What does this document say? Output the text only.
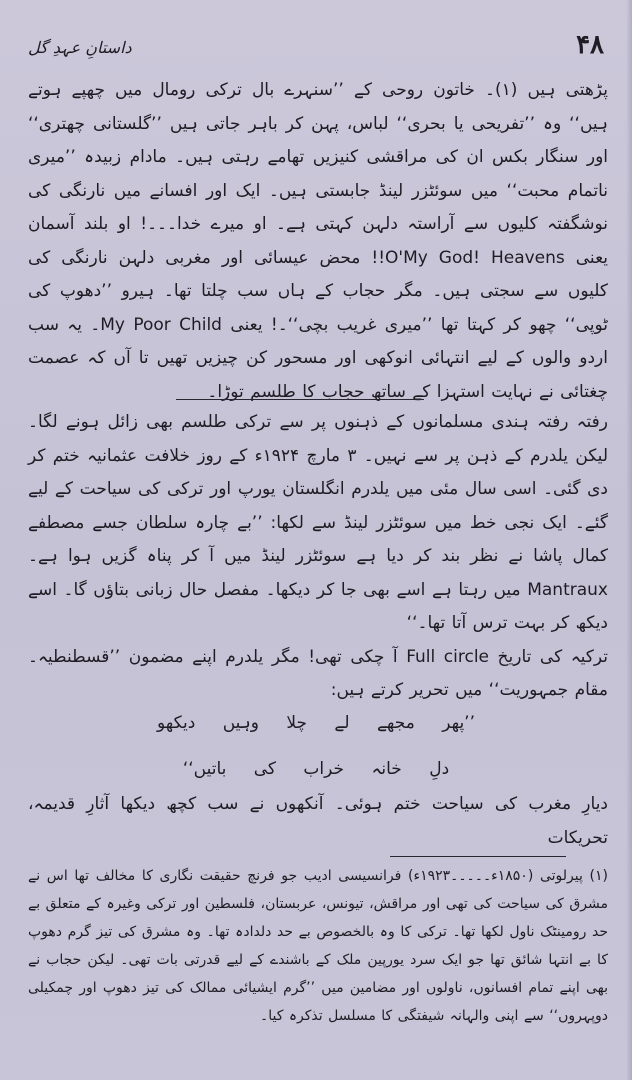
داستانِ عہدِ گل	۴۸

پڑھتی ہیں (۱)۔ خاتون روحی کے ’’سنہرے بال ترکی رومال میں چھپے ہوتے ہیں‘‘ وہ ’’تفریحی یا بحری‘‘ لباس، پہن کر باہر جاتی ہیں ’’گلستانی چھتری‘‘ اور سنگار بکس ان کی مراقشی کنیزیں تھامے رہتی ہیں۔ مادام زبیدہ ’’میری ناتمام محبت‘‘ میں سوئٹزر لینڈ جابستی ہیں۔ ایک اور افسانے میں نارنگی کی نوشگفتہ کلیوں سے آراستہ دلہن کہتی ہے۔ او میرے خدا۔۔۔! او بلند آسمان یعنی O'My God! Heavens!! محض عیسائی اور مغربی دلہن نارنگی کی کلیوں سے سجتی ہیں۔ مگر حجاب کے ہاں سب چلتا تھا۔ ہیرو ’’دھوپ کی ٹوپی‘‘ چھو کر کہتا تھا ’’میری غریب بچی‘‘۔! یعنی My Poor Child۔ یہ سب اردو والوں کے لیے انتہائی انوکھی اور مسحور کن چیزیں تھیں تا آں کہ عصمت چغتائی نے نہایت استہزا کے ساتھ حجاب کا طلسم توڑا۔

رفتہ رفتہ ہندی مسلمانوں کے ذہنوں پر سے ترکی طلسم بھی زائل ہونے لگا۔ لیکن یلدرم کے ذہن پر سے نہیں۔ ۳ مارچ ۱۹۲۴ء کے روز خلافت عثمانیہ ختم کر دی گئی۔ اسی سال مئی میں یلدرم انگلستان یورپ اور ترکی کی سیاحت کے لیے گئے۔ ایک نجی خط میں سوئٹزر لینڈ سے لکھا: ’’بے چارہ سلطان جسے مصطفے کمال پاشا نے نظر بند کر دیا ہے سوئٹزر لینڈ میں آ کر پناہ گزیں ہوا ہے۔ Mantraux میں رہتا ہے اسے بھی جا کر دیکھا۔ مفصل حال زبانی بتاؤں گا۔ اسے دیکھ کر بہت ترس آتا تھا۔‘‘

ترکیہ کی تاریخ Full circle آ چکی تھی! مگر یلدرم اپنے مضمون ’’قسطنطیہ۔ مقام جمہوریت‘‘ میں تحریر کرتے ہیں:

’’پھر مجھے لے چلا وہیں دیکھو
دلِ خانہ خراب کی باتیں‘‘

دیارِ مغرب کی سیاحت ختم ہوئی۔ آنکھوں نے سب کچھ دیکھا آثارِ قدیمہ، تحریکات

(۱) پیرلوتی (۱۸۵۰ء۔۔۔۔۔۱۹۲۳ء) فرانسیسی ادیب جو فرنچ حقیقت نگاری کا مخالف تھا اس نے مشرق کی سیاحت کی تھی اور مراقش، تیونس، عربستان، فلسطین اور ترکی وغیرہ کے متعلق بے حد رومینٹک ناول لکھا تھا۔ ترکی کا وہ بالخصوص بے حد دلدادہ تھا۔ وہ مشرق کی تیز گرم دھوپ کا بے انتہا شائق تھا جو ایک سرد یورپین ملک کے باشندے کے لیے قدرتی بات تھی۔ لیکن حجاب نے بھی اپنے تمام افسانوں، ناولوں اور مضامین میں ’’گرم ایشیائی ممالک کی تیز دھوپ اور چمکیلی دوپہروں‘‘ سے اپنی والہانہ شیفتگی کا مسلسل تذکرہ کیا۔
